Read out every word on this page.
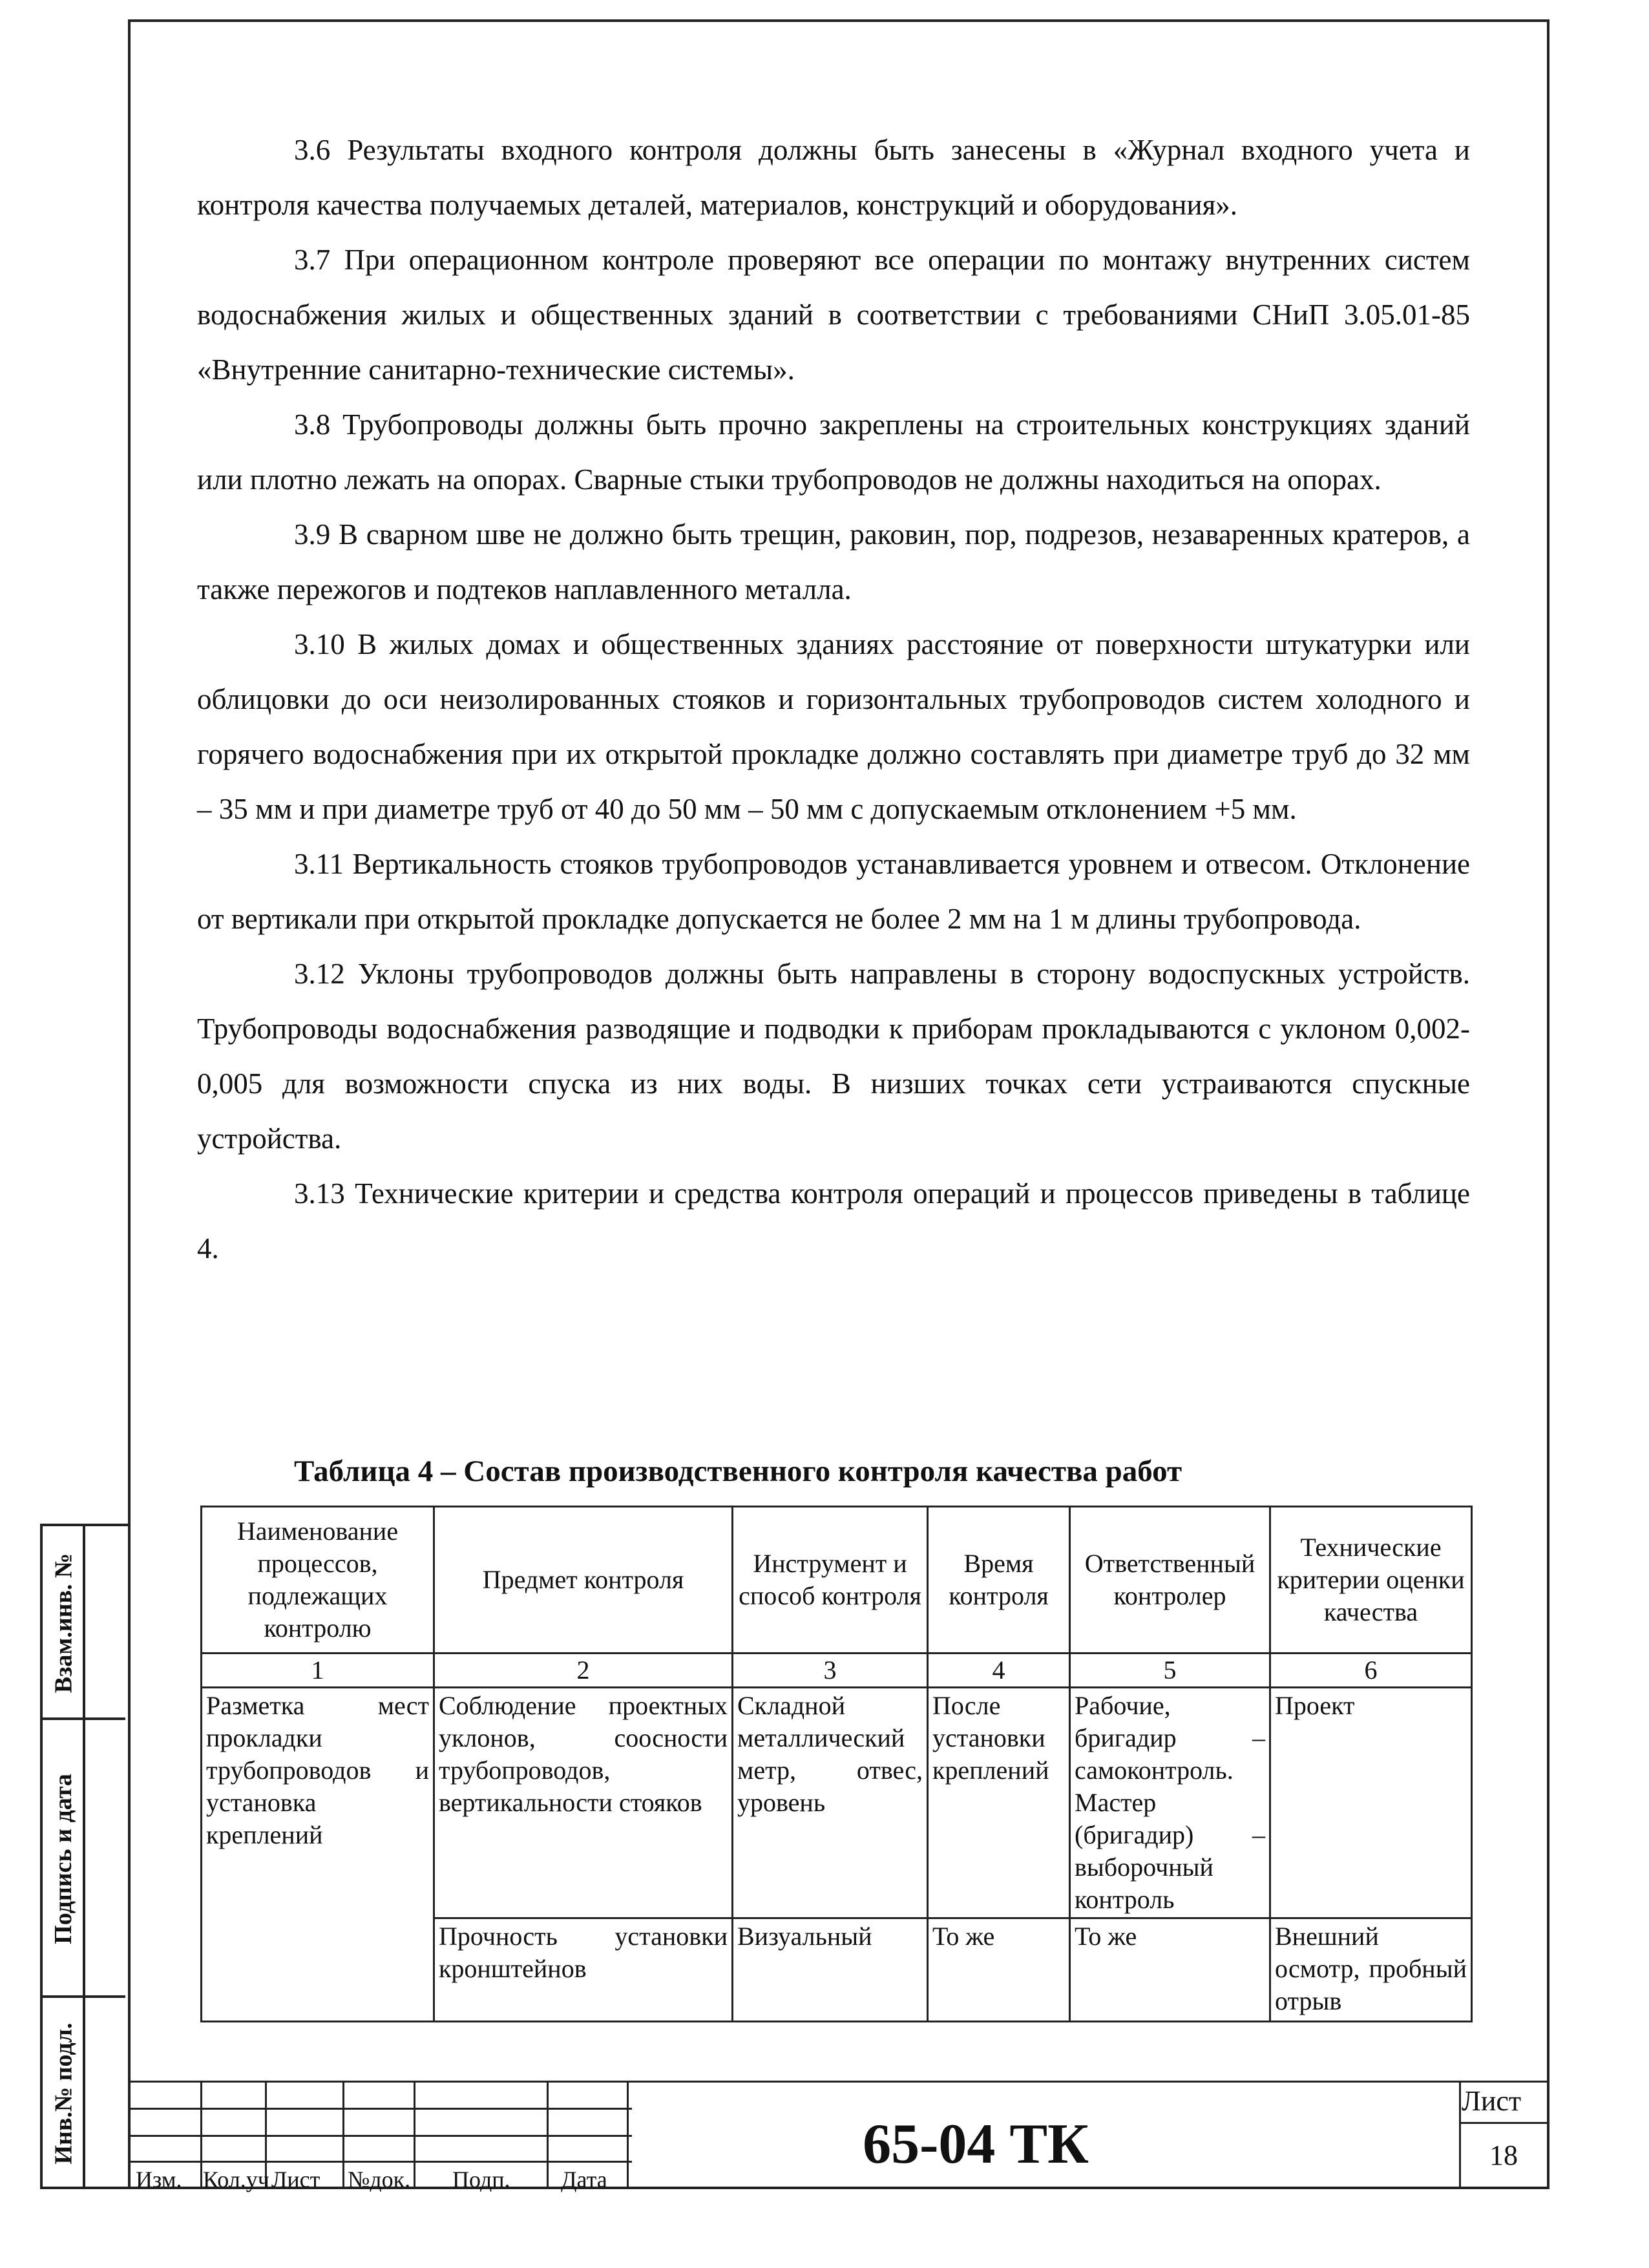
Взам.инв. №
Подпись и дата
Инв.№ подл.

3.6 Результаты входного контроля должны быть занесены в «Журнал входного учета и контроля качества получаемых деталей, материалов, конструкций и оборудования».

3.7 При операционном контроле проверяют все операции по монтажу внутренних систем водоснабжения жилых и общественных зданий в соответствии с требованиями СНиП 3.05.01-85 «Внутренние санитарно-технические системы».

3.8 Трубопроводы должны быть прочно закреплены на строительных конструкциях зданий или плотно лежать на опорах. Сварные стыки трубопроводов не должны находиться на опорах.

3.9 В сварном шве не должно быть трещин, раковин, пор, подрезов, незаваренных кратеров, а также пережогов и подтеков наплавленного металла.

3.10 В жилых домах и общественных зданиях расстояние от поверхности штукатурки или облицовки до оси неизолированных стояков и горизонтальных трубопроводов систем холодного и горячего водоснабжения при их открытой прокладке должно составлять при диаметре труб до 32 мм – 35 мм и при диаметре труб от 40 до 50 мм – 50 мм с допускаемым отклонением +5 мм.

3.11 Вертикальность стояков трубопроводов устанавливается уровнем и отвесом. Отклонение от вертикали при открытой прокладке допускается не более 2 мм на 1 м длины трубопровода.

3.12 Уклоны трубопроводов должны быть направлены в сторону водоспускных устройств. Трубопроводы водоснабжения разводящие и подводки к приборам прокладываются с уклоном 0,002-0,005 для возможности спуска из них воды. В низших точках сети устраиваются спускные устройства.

3.13 Технические критерии и средства контроля операций и процессов приведены в таблице 4.

Таблица 4 – Состав производственного контроля качества работ
Наименование процессов, подлежащих контролю	Предмет контроля	Инструмент и способ контроля	Время контроля	Ответственный контролер	Технические критерии оценки качества
1	2	3	4	5	6
Разметка мест прокладки трубопроводов и установка креплений	Соблюдение проектных уклонов, соосности трубопроводов, вертикальности стояков	Складной металлический метр, отвес, уровень	После установки креплений	Рабочие, бригадир – самоконтроль. Мастер (бригадир) – выборочный контроль	Проект
	Прочность установки кронштейнов	Визуальный	То же	То же	Внешний осмотр, пробный отрыв
Изм. Кол.уч Лист №док. Подп. Дата
65-04 ТК
Лист
18
